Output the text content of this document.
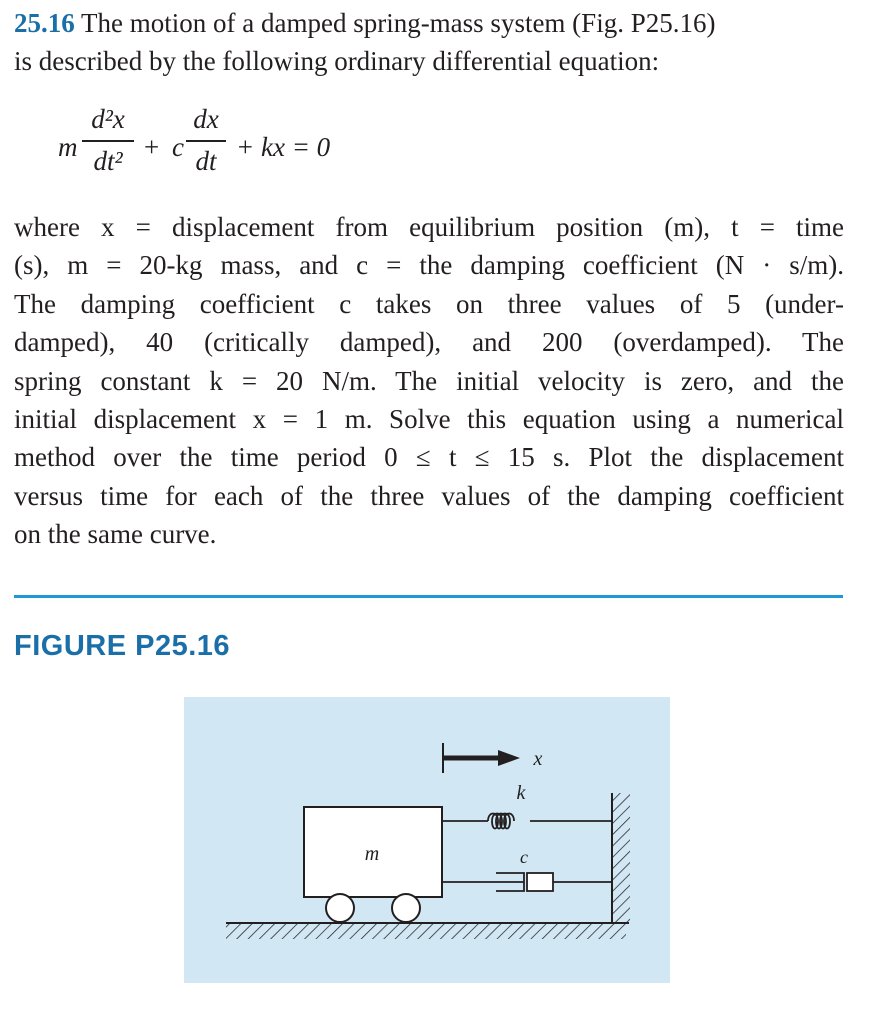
25.16 The motion of a damped spring-mass system (Fig. P25.16)
is described by the following ordinary differential equation:
m
d²x
dt² + c
dx
dt + kx = 0
where x = displacement from equilibrium position (m), t = time
(s), m = 20-kg mass, and c = the damping coefficient (N · s/m).
The damping coefficient c takes on three values of 5 (under-
damped), 40 (critically damped), and 200 (overdamped). The
spring constant k = 20 N/m. The initial velocity is zero, and the
initial displacement x = 1 m. Solve this equation using a numerical
method over the time period 0 ≤ t ≤ 15 s. Plot the displacement
versus time for each of the three values of the damping coefficient
on the same curve.
FIGURE P25.16
m
k
c
x
